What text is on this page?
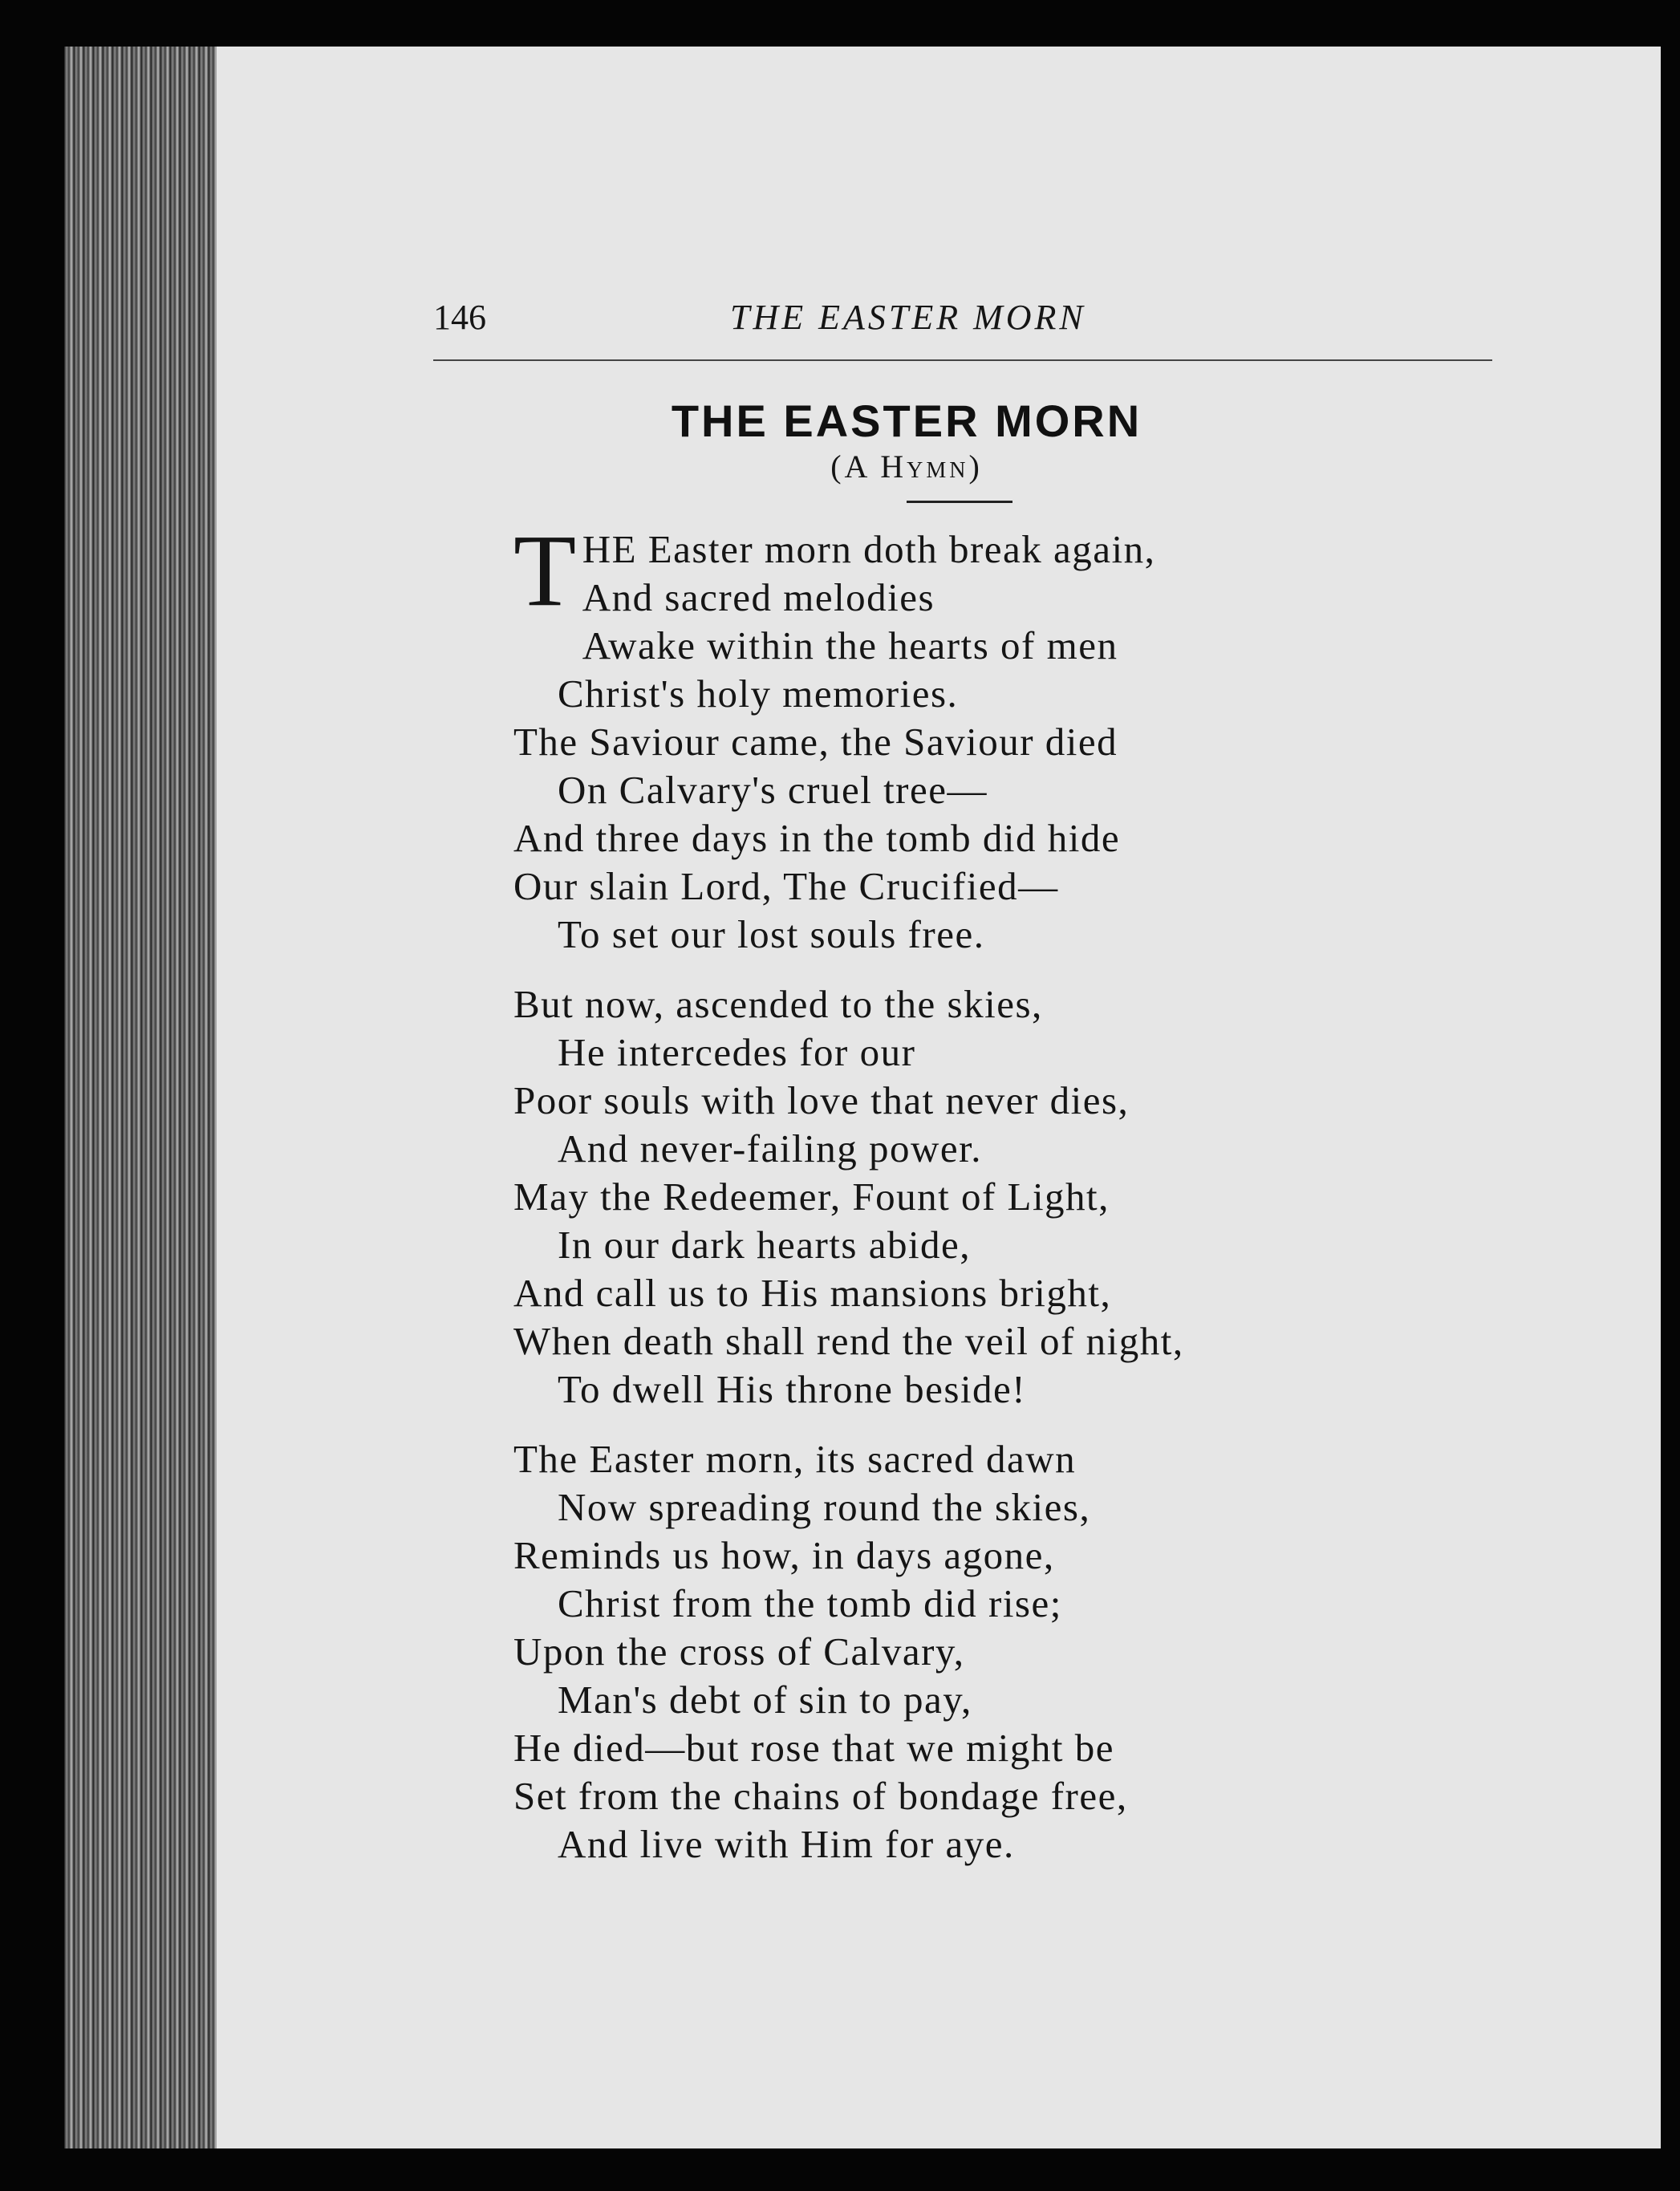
146	THE EASTER MORN
THE EASTER MORN
(A Hymn)
T HE Easter morn doth break again,
And sacred melodies
Awake within the hearts of men
Christ's holy memories.
The Saviour came, the Saviour died
On Calvary's cruel tree—
And three days in the tomb did hide
Our slain Lord, The Crucified—
To set our lost souls free.
But now, ascended to the skies,
He intercedes for our
Poor souls with love that never dies,
And never-failing power.
May the Redeemer, Fount of Light,
In our dark hearts abide,
And call us to His mansions bright,
When death shall rend the veil of night,
To dwell His throne beside!
The Easter morn, its sacred dawn
Now spreading round the skies,
Reminds us how, in days agone,
Christ from the tomb did rise;
Upon the cross of Calvary,
Man's debt of sin to pay,
He died—but rose that we might be
Set from the chains of bondage free,
And live with Him for aye.
